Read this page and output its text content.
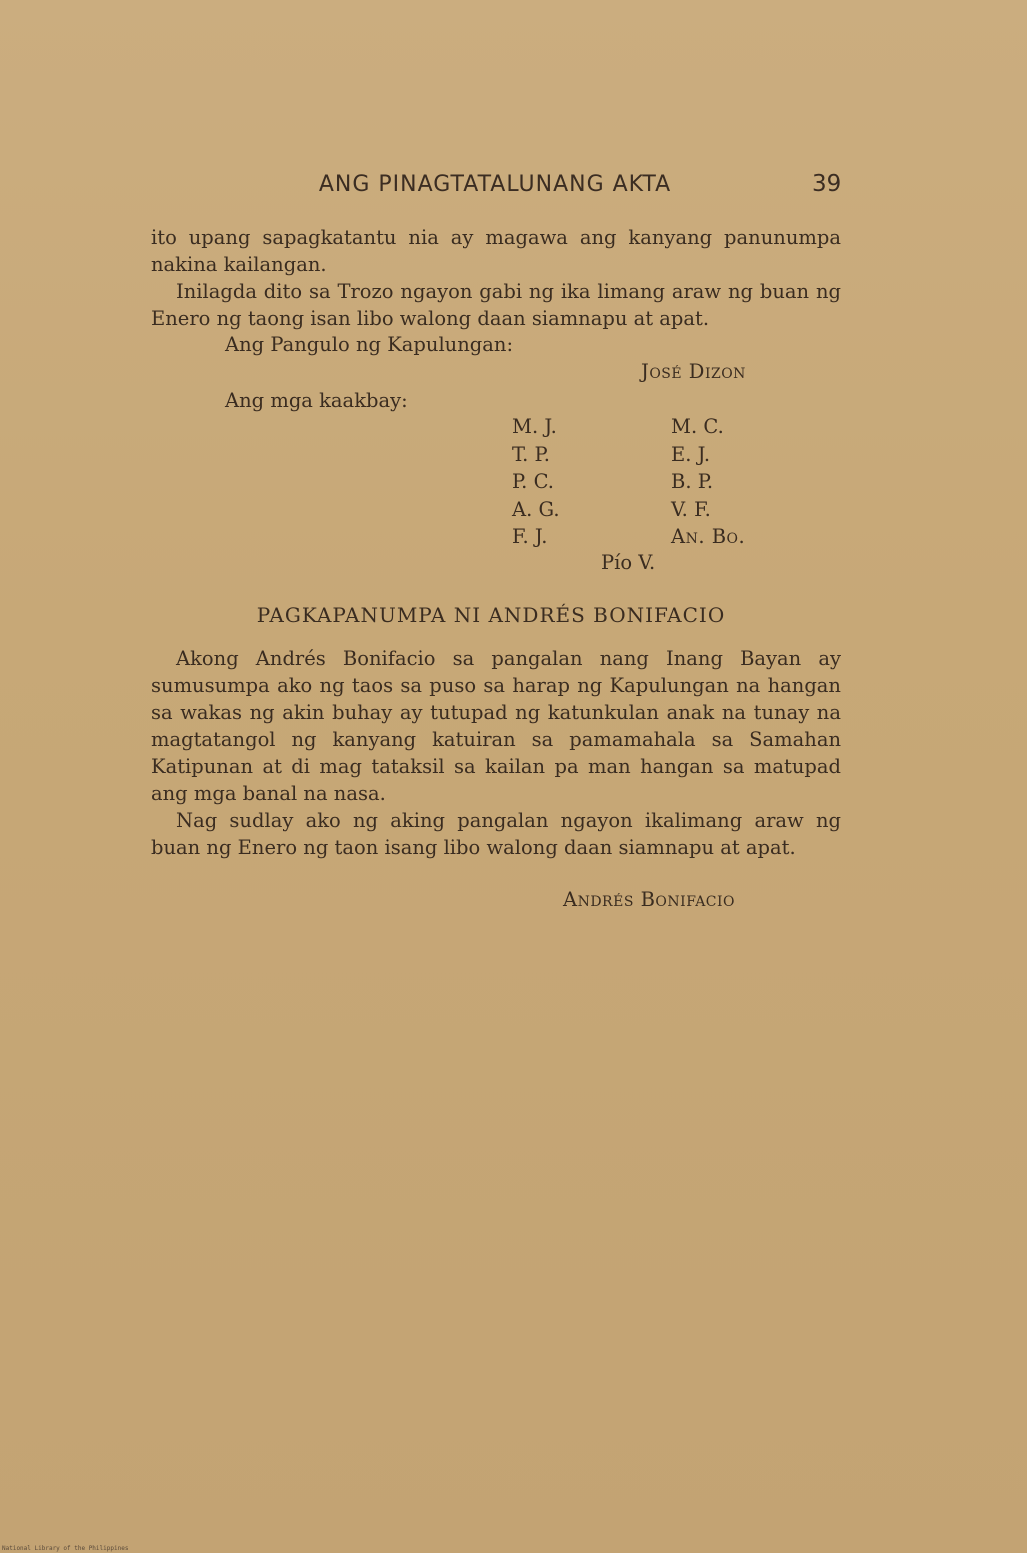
ANG PINAGTATALUNANG AKTA	39

ito upang sapagkatantu nia ay magawa ang kanyang panunumpa nakina kailangan.

Inilagda dito sa Trozo ngayon gabi ng ika limang araw ng buan ng Enero ng taong isan libo walong daan siamnapu at apat.

Ang Pangulo ng Kapulungan:
José Dizon
Ang mga kaakbay:
M. J.
T. P.
P. C.
A. G.
F. J.
M. C.
E. J.
B. P.
V. F.
An. Bo.
Pío V.
PAGKAPANUMPA NI ANDRÉS BONIFACIO

Akong Andrés Bonifacio sa pangalan nang Inang Bayan ay sumusumpa ako ng taos sa puso sa harap ng Kapulungan na hangan sa wakas ng akin buhay ay tutupad ng katunkulan anak na tunay na magtatangol ng kanyang katuiran sa pamamahala sa Samahan Katipunan at di mag tataksil sa kailan pa man hangan sa matupad ang mga banal na nasa.

Nag sudlay ako ng aking pangalan ngayon ikalimang araw ng buan ng Enero ng taon isang libo walong daan siamnapu at apat.

Andrés Bonifacio
National Library of the Philippines
